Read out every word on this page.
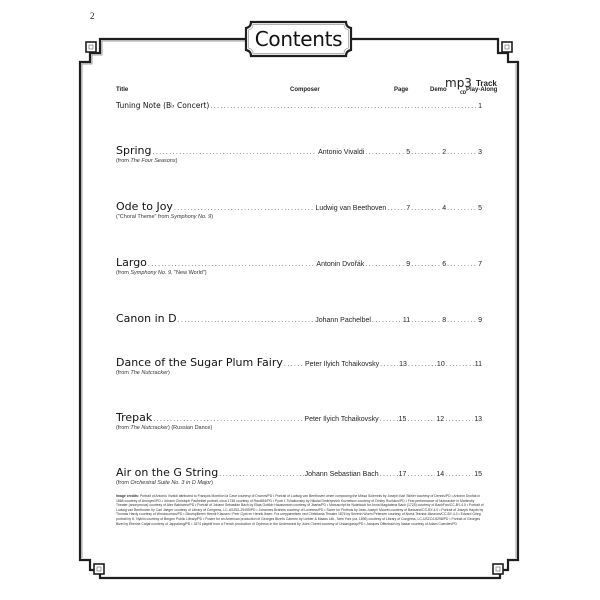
2
Contents
mp3
CD
Track
Title	Composer	Page	Demo	Play-Along
Tuning Note (B♭ Concert) .....	1
Spring .....	Antonio Vivaldi .....	5 .....	2 .....	3
(from The Four Seasons)
Ode to Joy .....	Ludwig van Beethoven .....	7 .....	4 .....	5
("Choral Theme" from Symphony No. 9)
Largo .....	Antonin Dvořák .....	9 .....	6 .....	7
(from Symphony No. 9, "New World")
Canon in D .....	Johann Pachelbel .....	11 .....	8 .....	9
Dance of the Sugar Plum Fairy .....	Peter Ilyich Tchaikovsky .....	13 .....	10 .....	11
(from The Nutcracker)
Trepak .....	Peter Ilyich Tchaikovsky .....	15 .....	12 .....	13
(from The Nutcracker) (Russian Dance)
Air on the G String .....	Johann Sebastian Bach .....	17 .....	14 .....	15
(from Orchestral Suite No. 3 in D Major)
Image credits: Portrait of Antonio Vivaldi attributed to François Morellon la Cave courtesy of Dramm/PD • Portrait of Ludwig van Beethoven when composing the Missa Solemnis by Joseph Karl Stieler courtesy of Dennis/PD • Antónin Dvořák in 1868 courtesy of Anonymi/PD • Johann Christoph Pachelbel portrait, circa 1748 courtesy of Raul654/PD • Pyotr I. Tchaikovsky by Nikolai Dmitriyevich Kuznetsov courtesy of Dmitry Rozhkov/PD • First performance of Nutcracker in Mariinsky Theater (anonymous) courtesy of Alex Bakharev/PD • Portrait of Johann Sebastian Bach by Elias Gottlob Haussmann courtesy of Jbarta/PD • Manuscript for Notebook for Anna Magdalena Bach (1725) courtesy of BachFan/CC-BY-4.0 • Portrait of Ludwig van Beethoven by Carl Jaeger courtesy of Library of Congress, LC-USZ62-29499/PD • Johannes Brahms courtesy of Loveless/PD • Score for Pinthois by Jean-Joseph Mouret courtesy of Bassano/CC-BY-4.0 • Portrait of Joseph Haydn by Thomas Hardy courtesy of Wmdocoman/PD • Skuespilleren Henrik Klausen i Peer Gynt en Henrik Ibsen: Fra ureppærelsen ved Christiania Theater 1876 by Severin Worm-Petersen courtesy of Norsk Teknisk Museum/CC-BY-4.0 • Edvard Grieg portrait by K. Nyblin courtesy of Bergen Public Library/PD • Poster for an American production of Georges Bizet's Carmen by Liebler & Maass Lith., New York (ca. 1896) courtesy of Library of Congress, LC-USZC4-8298/PD • Portrait of Georges Bizet by Étienne Carjat courtesy of Jappalang/PD • 1874 playbill from a French production of Orpheus in the Underworld by Jules Cheret courtesy of Undangaray/PD • Jacques Offenbach by Nadar courtesy of Adam Cuerden/PD
